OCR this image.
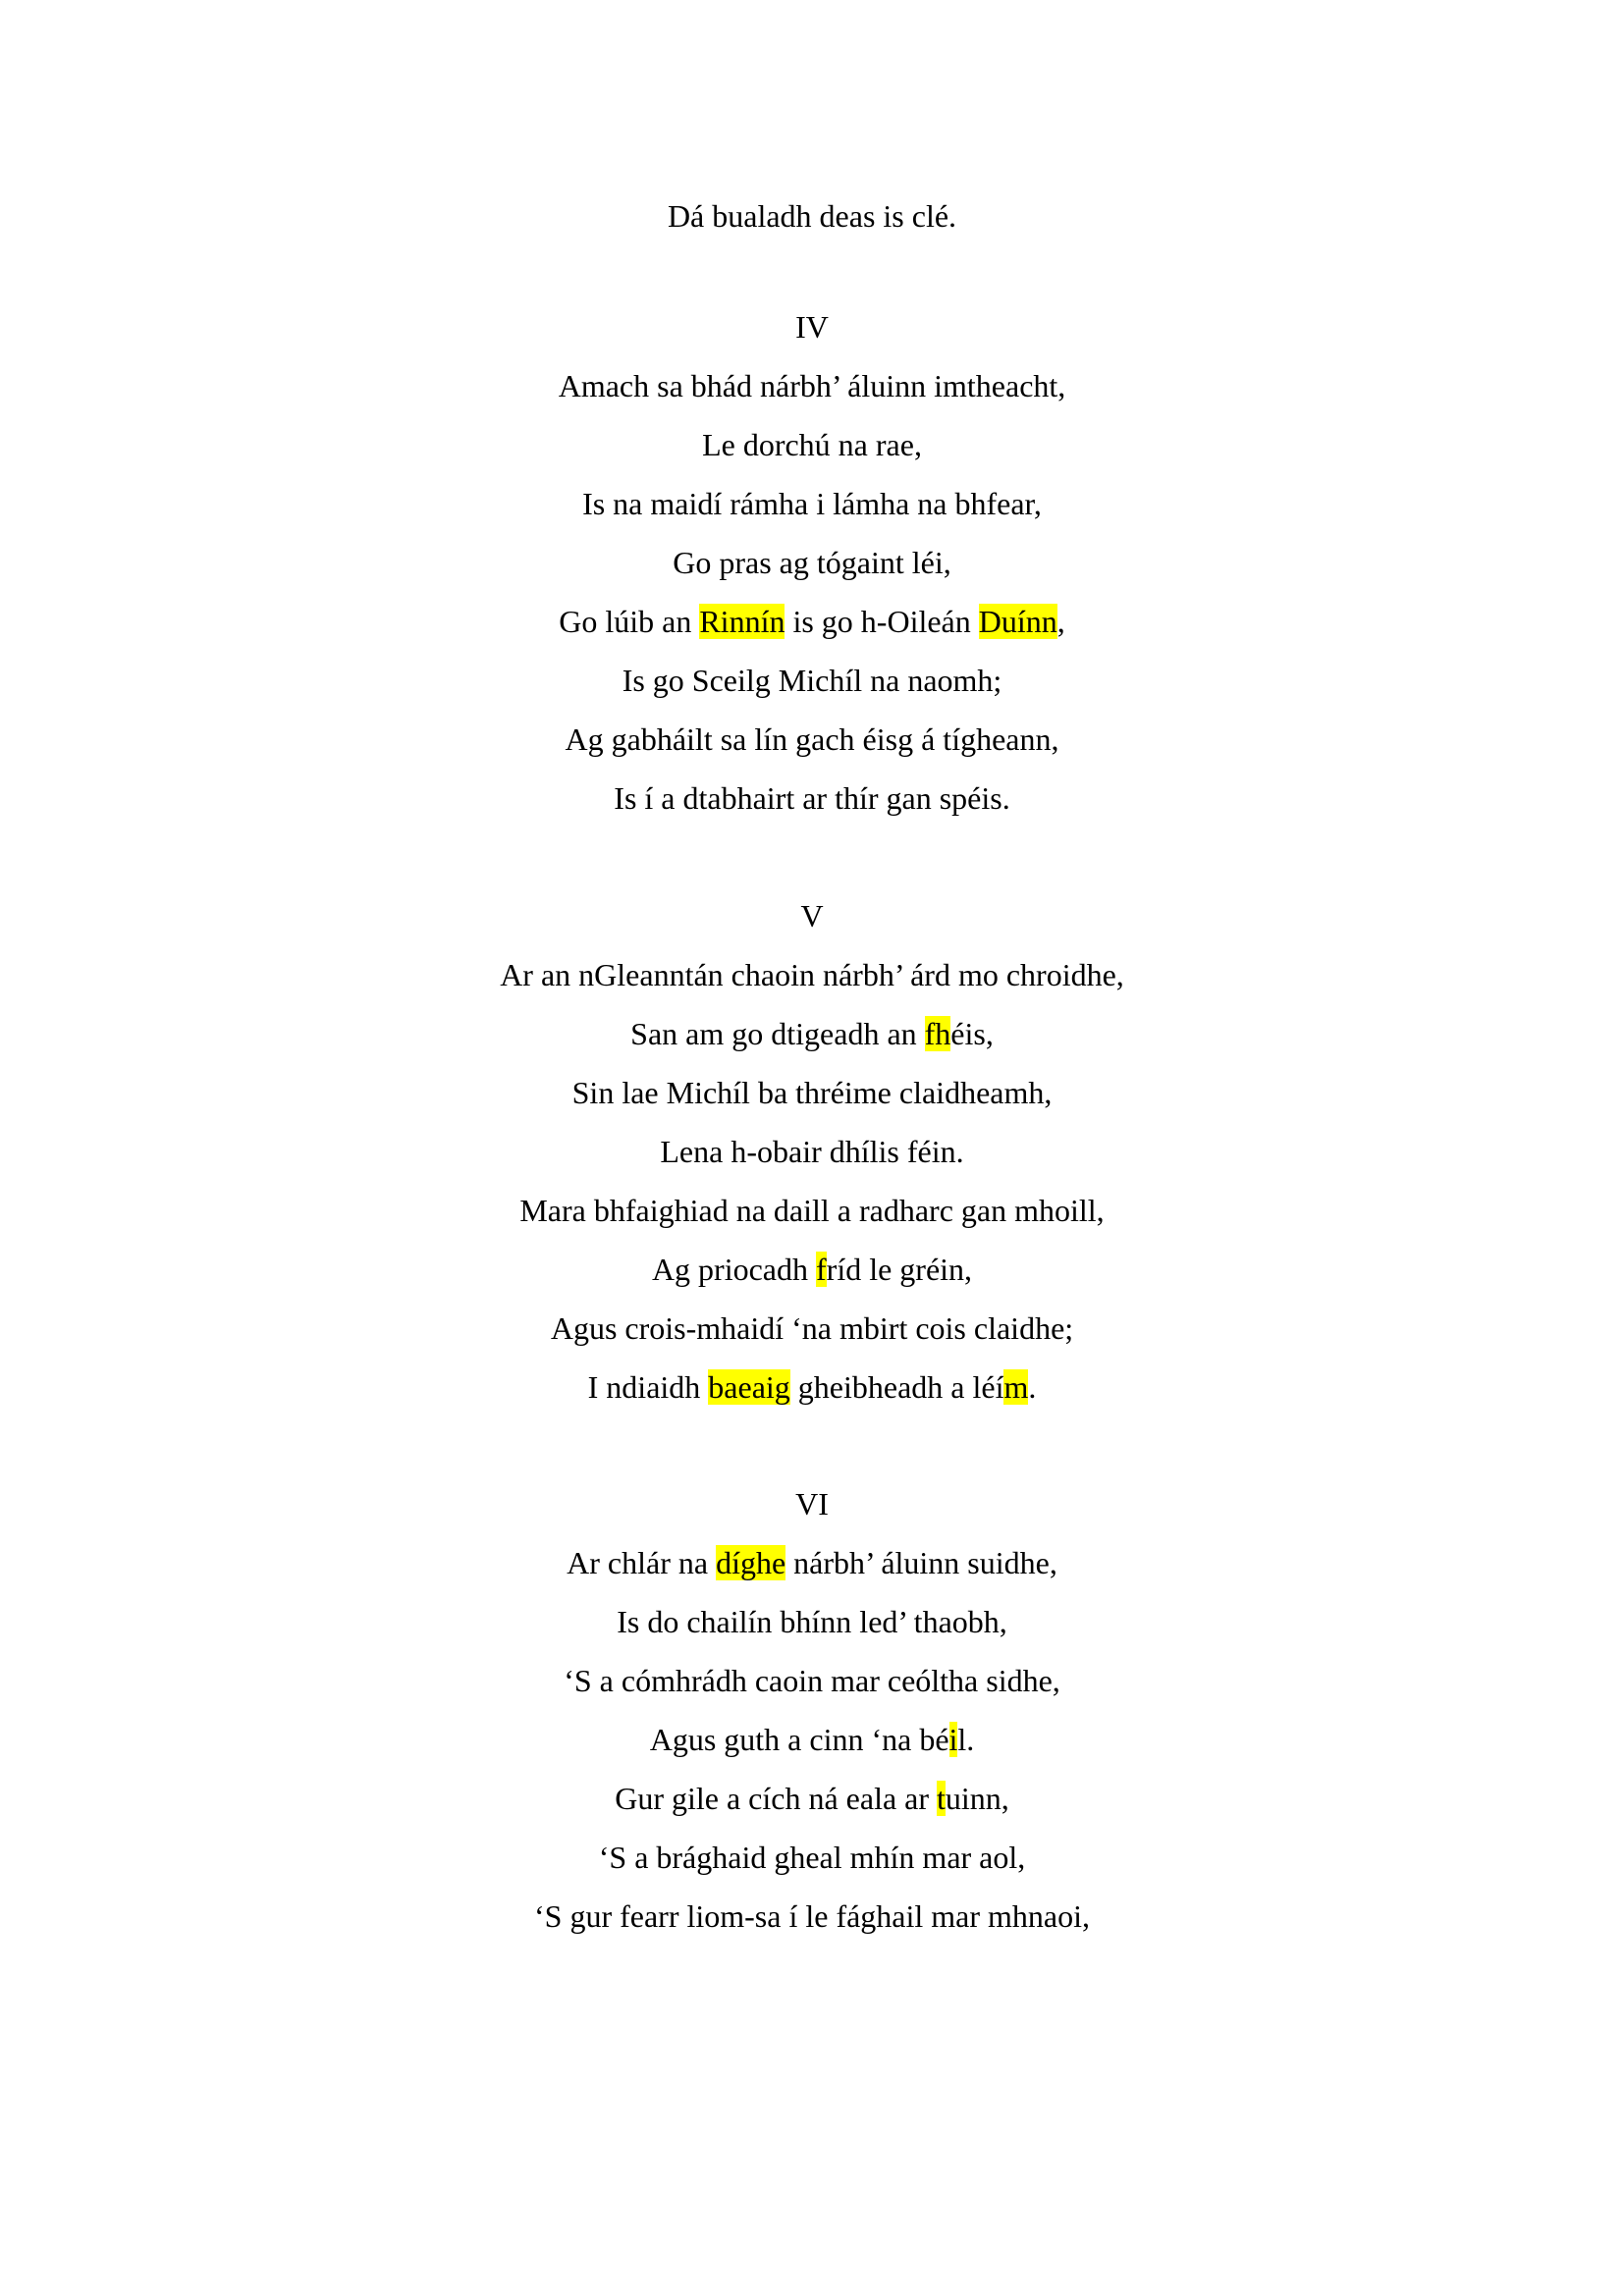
Dá bualadh deas is clé.
IV
Amach sa bhád nárbh’ áluinn imtheacht,
Le dorchú na rae,
Is na maidí rámha i lámha na bhfear,
Go pras ag tógaint léi,
Go lúib an Rinnín is go h-Oileán Duínn,
Is go Sceilg Michíl na naomh;
Ag gabháilt sa lín gach éisg á tígheann,
Is í a dtabhairt ar thír gan spéis.
V
Ar an nGleanntán chaoin nárbh’ árd mo chroidhe,
San am go dtigeadh an fhéis,
Sin lae Michíl ba thréime claidheamh,
Lena h-obair dhílis féin.
Mara bhfaighiad na daill a radharc gan mhoill,
Ag priocadh fríd le gréin,
Agus crois-mhaidí ‘na mbirt cois claidhe;
I ndiaidh baeaig gheibheadh a léím.
VI
Ar chlár na díghe nárbh’ áluinn suidhe,
Is do chailín bhínn led’ thaobh,
‘S a cómhrádh caoin mar ceóltha sidhe,
Agus guth a cinn ‘na béil.
Gur gile a cích ná eala ar tuinn,
‘S a brághaid gheal mhín mar aol,
‘S gur fearr liom-sa í le fághail mar mhnaoi,
